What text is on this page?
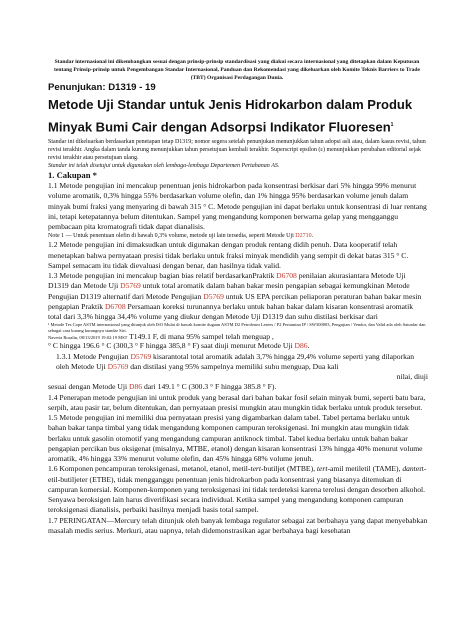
Standar internasional ini dikembangkan sesuai dengan prinsip-prinsip standardisasi yang diakui secara internasional yang ditetapkan dalam Keputusan tentang Prinsip-prinsip untuk Pengembangan Standar Internasional, Panduan dan Rekomendasi yang dikeluarkan oleh Komite Teknis Barriers to Trade (TBT) Organisasi Perdagangan Dunia.
Penunjukan: D1319 - 19
Metode Uji Standar untuk Jenis Hidrokarbon dalam Produk Minyak Bumi Cair dengan Adsorpsi Indikator Fluoresen$^1$

Standar ini dikeluarkan berdasarkan penetapan tetap D1319; nomor segera setelah penunjukan menunjukkan tahun adopsi asli atau, dalam kasus revisi, tahun revisi terakhir. Angka dalam tanda kurung menunjukkan tahun persetujuan kembali terakhir. Superscript epsilon (ε) menunjukkan perubahan editorial sejak revisi terakhir atau persetujuan ulang.

Standar ini telah disetujui untuk digunakan oleh lembaga-lembaga Departemen Pertahanan AS.

1. Cakupan *

1.1 Metode pengujian ini mencakup penentuan jenis hidrokarbon pada konsentrasi berkisar dari 5% hingga 99% menurut volume aromatik, 0,3% hingga 55% berdasarkan volume olefin, dan 1% hingga 95% berdasarkan volume jenuh dalam minyak bumi fraksi yang menyaring di bawah 315 ° C. Metode pengujian ini dapat berlaku untuk konsentrasi di luar rentang ini, tetapi ketepatannya belum ditentukan. Sampel yang mengandung komponen berwarna gelap yang mengganggu pembacaan pita kromatografi tidak dapat dianalisis.

Note 1 — Untuk penentuan olefin di bawah 0,3% volume, metode uji lain tersedia, seperti Metode Uji D2710.

1.2 Metode pengujian ini dimaksudkan untuk digunakan dengan produk rentang didih penuh. Data kooperatif telah menetapkan bahwa pernyataan presisi tidak berlaku untuk fraksi minyak mendidih yang sempit di dekat batas 315 ° C. Sampel semacam itu tidak dievaluasi dengan benar, dan hasilnya tidak valid.

1.3 Metode pengujian ini mencakup bagian bias relatif berdasarkanPraktik D6708 penilaian akurasiantara Metode Uji D1319 dan Metode Uji D5769 untuk total aromatik dalam bahan bakar mesin pengapian sebagai kemungkinan Metode Pengujian D1319 alternatif dari Metode Pengujian D5769 untuk US EPA percikan peliaporan peraturan bahan bakar mesin pengapian Praktik D6708 Persamaan koreksi turunannya berlaku untuk bahan bakar dalam kisaran konsentrasi aromatik total dari 3,3% hingga 34,4% volume yang diukur dengan Metode Uji D1319 dan suhu distilasi berkisar dari

¹ Metode Tes Cope ASTM internasional yang ditunjuk oleh ISO Mulai di bawah komite dugaan ASTM D2 Petroleum Lesees / P2 Pertamina IP / SW300003, Pengujian / Vendor, dan Valid ada oleh Saturdar dan sebagai cara kurang kurangnya standar Siri.
Naveria Rosalin, 08/13/2019 19:02:19 MST T149.1 F, di mana 95% sampel telah menguap ,

° C hingga 196.6 ° C (300,3 ° F hingga 385,8 ° F) saat diuji menurut Metode Uji D86.

1.3.1 Metode Pengujian D5769 kisarantotal total aromatik adalah 3,7% hingga 29,4% volume seperti yang dilaporkan oleh Metode Uji D5769 dan distilasi yang 95% sampelnya memiliki suhu menguap, Dua kali

nilai, diuji

sesuai dengan Metode Uji D86 dari 149.1 ° C (300.3 ° F hingga 385.8 ° F).

1.4 Penerapan metode pengujian ini untuk produk yang berasal dari bahan bakar fosil selain minyak bumi, seperti batu bara, serpih, atau pasir tar, belum ditentukan, dan pernyataan presisi mungkin atau mungkin tidak berlaku untuk produk tersebut.

1.5 Metode pengujian ini memiliki dua pernyataan presisi yang digambarkan dalam tabel. Tabel pertama berlaku untuk bahan bakar tanpa timbal yang tidak mengandung komponen campuran teroksigenasi. Ini mungkin atau mungkin tidak berlaku untuk gasolin otomotif yang mengandung campuran antiknock timbal. Tabel kedua berlaku untuk bahan bakar pengapian percikan bus oksigenat (misalnya, MTBE, etanol) dengan kisaran konsentrasi 13% hingga 40% menurut volume aromatik, 4% hingga 33% menurut volume olefin, dan 45% hingga 68% volume jenuh.

1.6 Komponen pencampuran teroksigenasi, metanol, etanol, metil-tert-butiljet (MTBE), tert-amil metiletil (TAME), dantert-etil-butiljeter (ETBE), tidak mengganggu penentuan jenis hidrokarbon pada konsentrasi yang biasanya ditemukan di campuran komersial. Komponen-komponen yang teroksigenasi ini tidak terdeteksi karena terelusi dengan desorben alkohol. Senyawa beroksigen lain harus diverifikasi secara individual. Ketika sampel yang mengandung komponen campuran teroksigenasi dianalisis, perbaiki hasilnya menjadi basis total sampel.

1.7 PERINGATAN—Mercury telah ditunjuk oleh banyak lembaga regulator sebagai zat berbahaya yang dapat menyebabkan masalah medis serius. Merkuri, atau uapnya, telah didemonstrasikan agar berbahaya bagi kesehatan
